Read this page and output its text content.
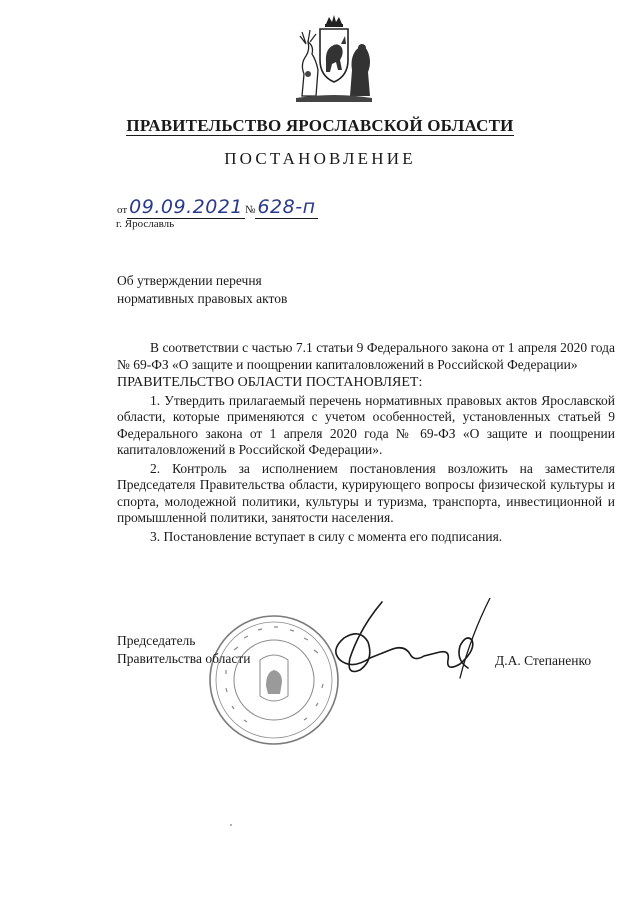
ПРАВИТЕЛЬСТВО ЯРОСЛАВСКОЙ ОБЛАСТИ
ПОСТАНОВЛЕНИЕ
от 09.09.2021 № 628-п
г. Ярославль
Об утверждении перечня
нормативных правовых актов

В соответствии с частью 7.1 статьи 9 Федерального закона от 1 апреля 2020 года № 69-ФЗ «О защите и поощрении капиталовложений в Российской Федерации»

ПРАВИТЕЛЬСТВО ОБЛАСТИ ПОСТАНОВЛЯЕТ:

1. Утвердить прилагаемый перечень нормативных правовых актов Ярославской области, которые применяются с учетом особенностей, установленных статьей 9 Федерального закона от 1 апреля 2020 года № 69-ФЗ «О защите и поощрении капиталовложений в Российской Федерации».

2. Контроль за исполнением постановления возложить на заместителя Председателя Правительства области, курирующего вопросы физической культуры и спорта, молодежной политики, культуры и туризма, транспорта, инвестиционной и промышленной политики, занятости населения.

3. Постановление вступает в силу с момента его подписания.

Председатель
Правительства области	Д.А. Степаненко
